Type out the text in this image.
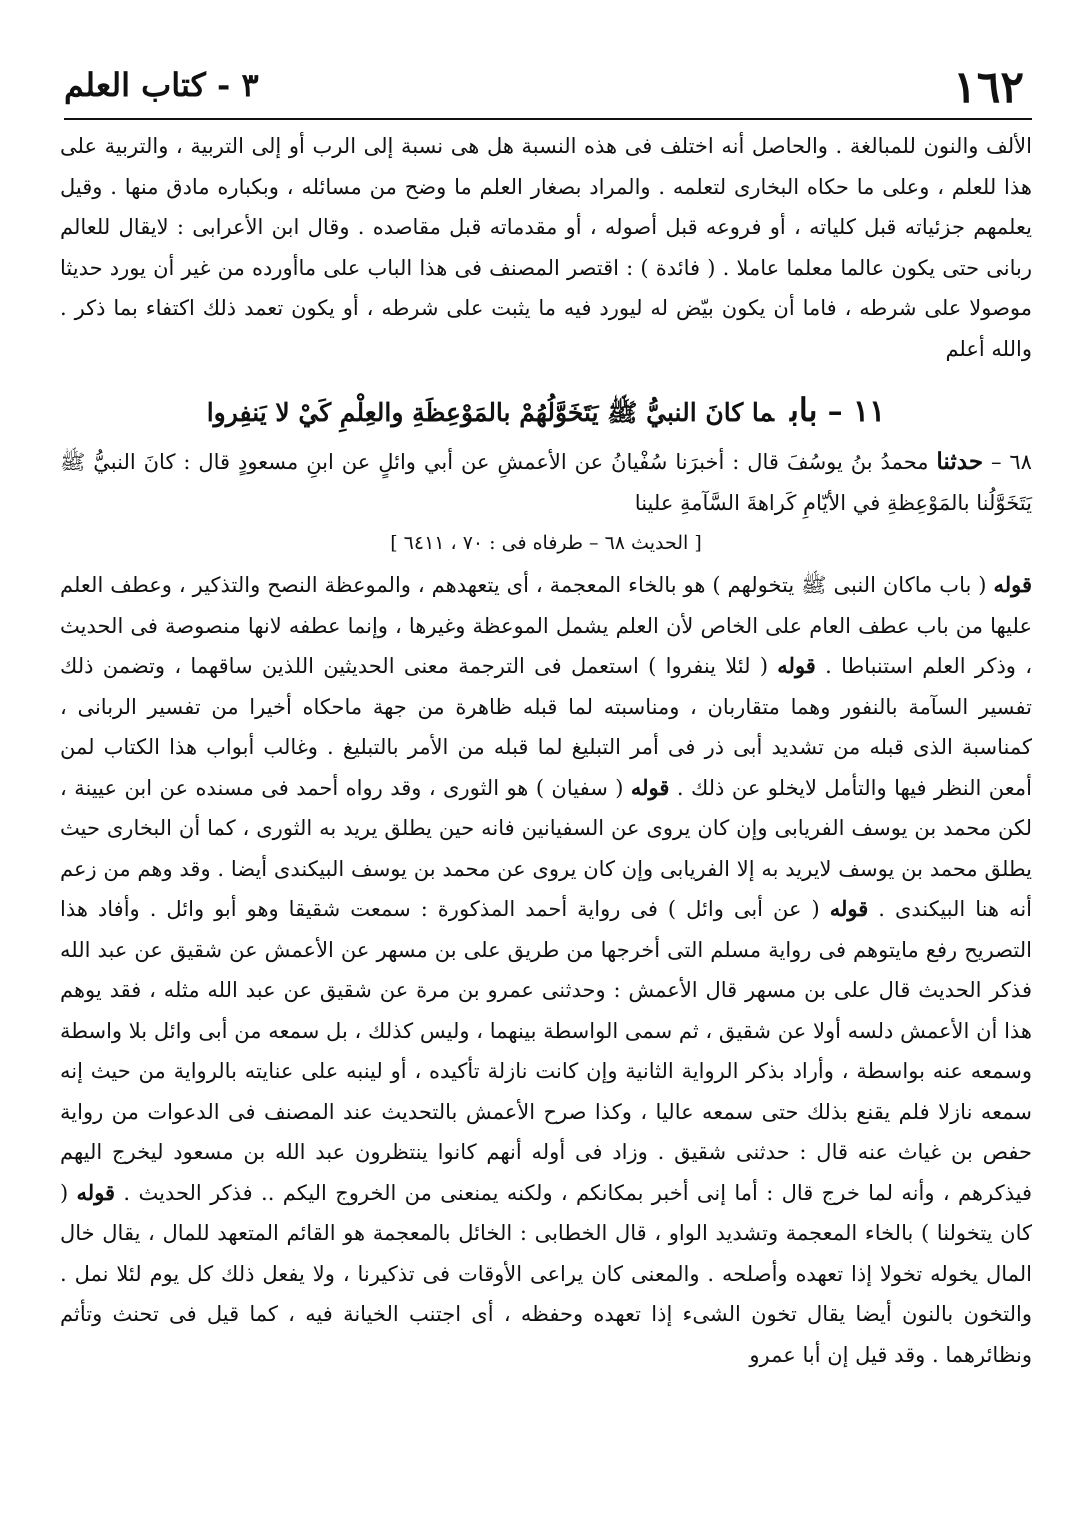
١٦٢
٣ - كتاب العلم

الألف والنون للمبالغة . والحاصل أنه اختلف فى هذه النسبة هل هى نسبة إلى الرب أو إلى التربية ، والتربية على هذا للعلم ، وعلى ما حكاه البخارى لتعلمه . والمراد بصغار العلم ما وضح من مسائله ، وبكباره مادق منها . وقيل يعلمهم جزئياته قبل كلياته ، أو فروعه قبل أصوله ، أو مقدماته قبل مقاصده . وقال ابن الأعرابى : لايقال للعالم ربانى حتى يكون عالما معلما عاملا . ( فائدة ) : اقتصر المصنف فى هذا الباب على ماأورده من غير أن يورد حديثا موصولا على شرطه ، فاما أن يكون بيّض له ليورد فيه ما يثبت على شرطه ، أو يكون تعمد ذلك اكتفاء بما ذكر . والله أعلم

١١ –بابما كانَ النبيُّ ﷺ يَتَخَوَّلُهُمْ بالمَوْعِظَةِ والعِلْمِ كَيْ لا يَنفِروا

٦٨ – حدثنا محمدُ بنُ يوسُفَ قال : أخبرَنا سُفْيانُ عن الأعمشِ عن أبي وائلٍ عن ابنِ مسعودٍ قال : كانَ النبيُّ ﷺ يَتَخَوَّلُنا بالمَوْعِظةِ في الأيّامِ كَراهةَ السَّآمةِ علينا

[ الحديث ٦٨ – طرفاه فى : ٧٠ ، ٦٤١١ ]

قوله ( باب ماكان النبى ﷺ يتخولهم ) هو بالخاء المعجمة ، أى يتعهدهم ، والموعظة النصح والتذكير ، وعطف العلم عليها من باب عطف العام على الخاص لأن العلم يشمل الموعظة وغيرها ، وإنما عطفه لانها منصوصة فى الحديث ، وذكر العلم استنباطا . قوله ( لئلا ينفروا ) استعمل فى الترجمة معنى الحديثين اللذين ساقهما ، وتضمن ذلك تفسير السآمة بالنفور وهما متقاربان ، ومناسبته لما قبله ظاهرة من جهة ماحكاه أخيرا من تفسير الربانى ، كمناسبة الذى قبله من تشديد أبى ذر فى أمر التبليغ لما قبله من الأمر بالتبليغ . وغالب أبواب هذا الكتاب لمن أمعن النظر فيها والتأمل لايخلو عن ذلك . قوله ( سفيان ) هو الثورى ، وقد رواه أحمد فى مسنده عن ابن عيينة ، لكن محمد بن يوسف الفريابى وإن كان يروى عن السفيانين فانه حين يطلق يريد به الثورى ، كما أن البخارى حيث يطلق محمد بن يوسف لايريد به إلا الفريابى وإن كان يروى عن محمد بن يوسف البيكندى أيضا . وقد وهم من زعم أنه هنا البيكندى . قوله ( عن أبى وائل ) فى رواية أحمد المذكورة : سمعت شقيقا وهو أبو وائل . وأفاد هذا التصريح رفع مايتوهم فى رواية مسلم التى أخرجها من طريق على بن مسهر عن الأعمش عن شقيق عن عبد الله فذكر الحديث قال على بن مسهر قال الأعمش : وحدثنى عمرو بن مرة عن شقيق عن عبد الله مثله ، فقد يوهم هذا أن الأعمش دلسه أولا عن شقيق ، ثم سمى الواسطة بينهما ، وليس كذلك ، بل سمعه من أبى وائل بلا واسطة وسمعه عنه بواسطة ، وأراد بذكر الرواية الثانية وإن كانت نازلة تأكيده ، أو لينبه على عنايته بالرواية من حيث إنه سمعه نازلا فلم يقنع بذلك حتى سمعه عاليا ، وكذا صرح الأعمش بالتحديث عند المصنف فى الدعوات من رواية حفص بن غياث عنه قال : حدثنى شقيق . وزاد فى أوله أنهم كانوا ينتظرون عبد الله بن مسعود ليخرج اليهم فيذكرهم ، وأنه لما خرج قال : أما إنى أخبر بمكانكم ، ولكنه يمنعنى من الخروج اليكم .. فذكر الحديث . قوله ( كان يتخولنا ) بالخاء المعجمة وتشديد الواو ، قال الخطابى : الخائل بالمعجمة هو القائم المتعهد للمال ، يقال خال المال يخوله تخولا إذا تعهده وأصلحه . والمعنى كان يراعى الأوقات فى تذكيرنا ، ولا يفعل ذلك كل يوم لئلا نمل . والتخون بالنون أيضا يقال تخون الشىء إذا تعهده وحفظه ، أى اجتنب الخيانة فيه ، كما قيل فى تحنث وتأثم ونظائرهما . وقد قيل إن أبا عمرو
